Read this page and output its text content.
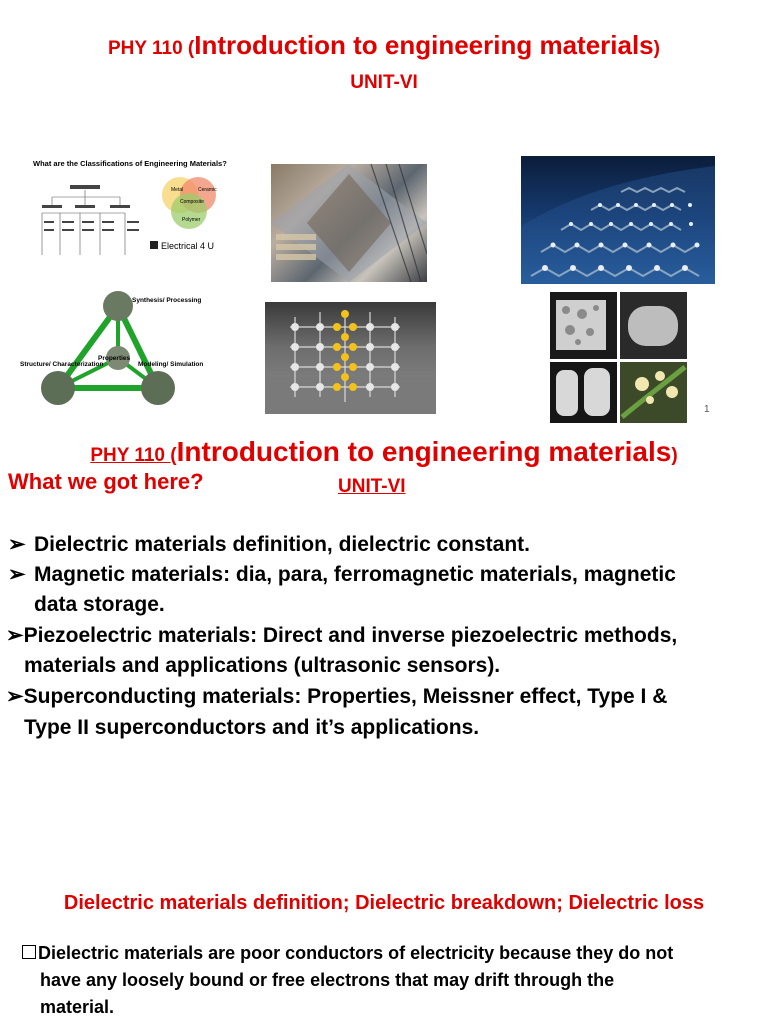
PHY 110 (Introduction to engineering materials)
UNIT-VI
What are the Classifications of Engineering Materials?
Metal	Ceramic
Composite
Polymer
Electrical 4 U
Synthesis/ Processing
Structure/ Characterization	Modeling/ Simulation
Properties
1
PHY 110 (Introduction to engineering materials)
What we got here?	UNIT-VI
➢ Dielectric materials definition, dielectric constant.
➢ Magnetic materials: dia, para, ferromagnetic materials, magnetic
data storage.
➢Piezoelectric materials: Direct and inverse piezoelectric methods,
materials and applications (ultrasonic sensors).
➢Superconducting materials: Properties, Meissner effect, Type I &
Type II superconductors and it’s applications.
Dielectric materials definition; Dielectric breakdown; Dielectric loss
Dielectric materials are poor conductors of electricity because they do not
have any loosely bound or free electrons that may drift through the
material.
